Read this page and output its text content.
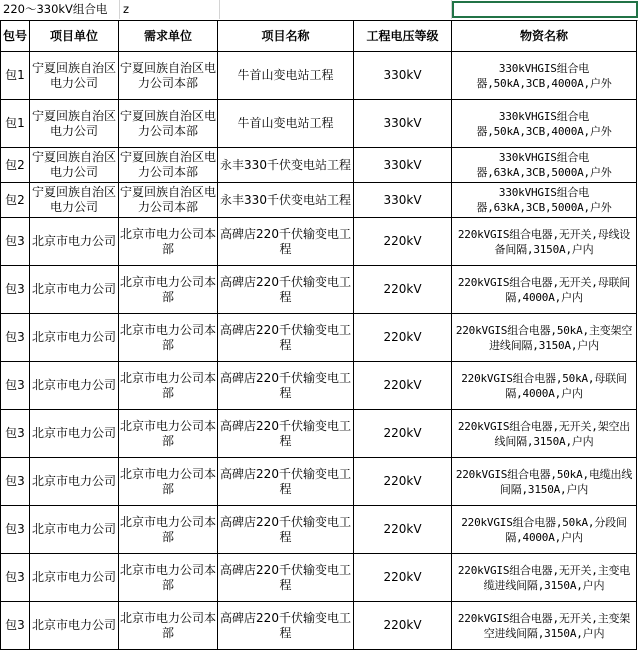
220～330kV组合电	z
包号	项目单位	需求单位	项目名称	工程电压等级	物资名称
包1	宁夏回族自治区电力公司	宁夏回族自治区电力公司本部	牛首山变电站工程	330kV	330kVHGIS组合电器,50kA,3CB,4000A,户外
包1	宁夏回族自治区电力公司	宁夏回族自治区电力公司本部	牛首山变电站工程	330kV	330kVHGIS组合电器,50kA,3CB,4000A,户外
包2	宁夏回族自治区电力公司	宁夏回族自治区电力公司本部	永丰330千伏变电站工程	330kV	330kVHGIS组合电器,63kA,3CB,5000A,户外
包2	宁夏回族自治区电力公司	宁夏回族自治区电力公司本部	永丰330千伏变电站工程	330kV	330kVHGIS组合电器,63kA,3CB,5000A,户外
包3	北京市电力公司	北京市电力公司本部	高碑店220千伏输变电工程	220kV	220kVGIS组合电器,无开关,母线设备间隔,3150A,户内
包3	北京市电力公司	北京市电力公司本部	高碑店220千伏输变电工程	220kV	220kVGIS组合电器,无开关,母联间隔,4000A,户内
包3	北京市电力公司	北京市电力公司本部	高碑店220千伏输变电工程	220kV	220kVGIS组合电器,50kA,主变架空进线间隔,3150A,户内
包3	北京市电力公司	北京市电力公司本部	高碑店220千伏输变电工程	220kV	220kVGIS组合电器,50kA,母联间隔,4000A,户内
包3	北京市电力公司	北京市电力公司本部	高碑店220千伏输变电工程	220kV	220kVGIS组合电器,无开关,架空出线间隔,3150A,户内
包3	北京市电力公司	北京市电力公司本部	高碑店220千伏输变电工程	220kV	220kVGIS组合电器,50kA,电缆出线间隔,3150A,户内
包3	北京市电力公司	北京市电力公司本部	高碑店220千伏输变电工程	220kV	220kVGIS组合电器,50kA,分段间隔,4000A,户内
包3	北京市电力公司	北京市电力公司本部	高碑店220千伏输变电工程	220kV	220kVGIS组合电器,无开关,主变电缆进线间隔,3150A,户内
包3	北京市电力公司	北京市电力公司本部	高碑店220千伏输变电工程	220kV	220kVGIS组合电器,无开关,主变架空进线间隔,3150A,户内
